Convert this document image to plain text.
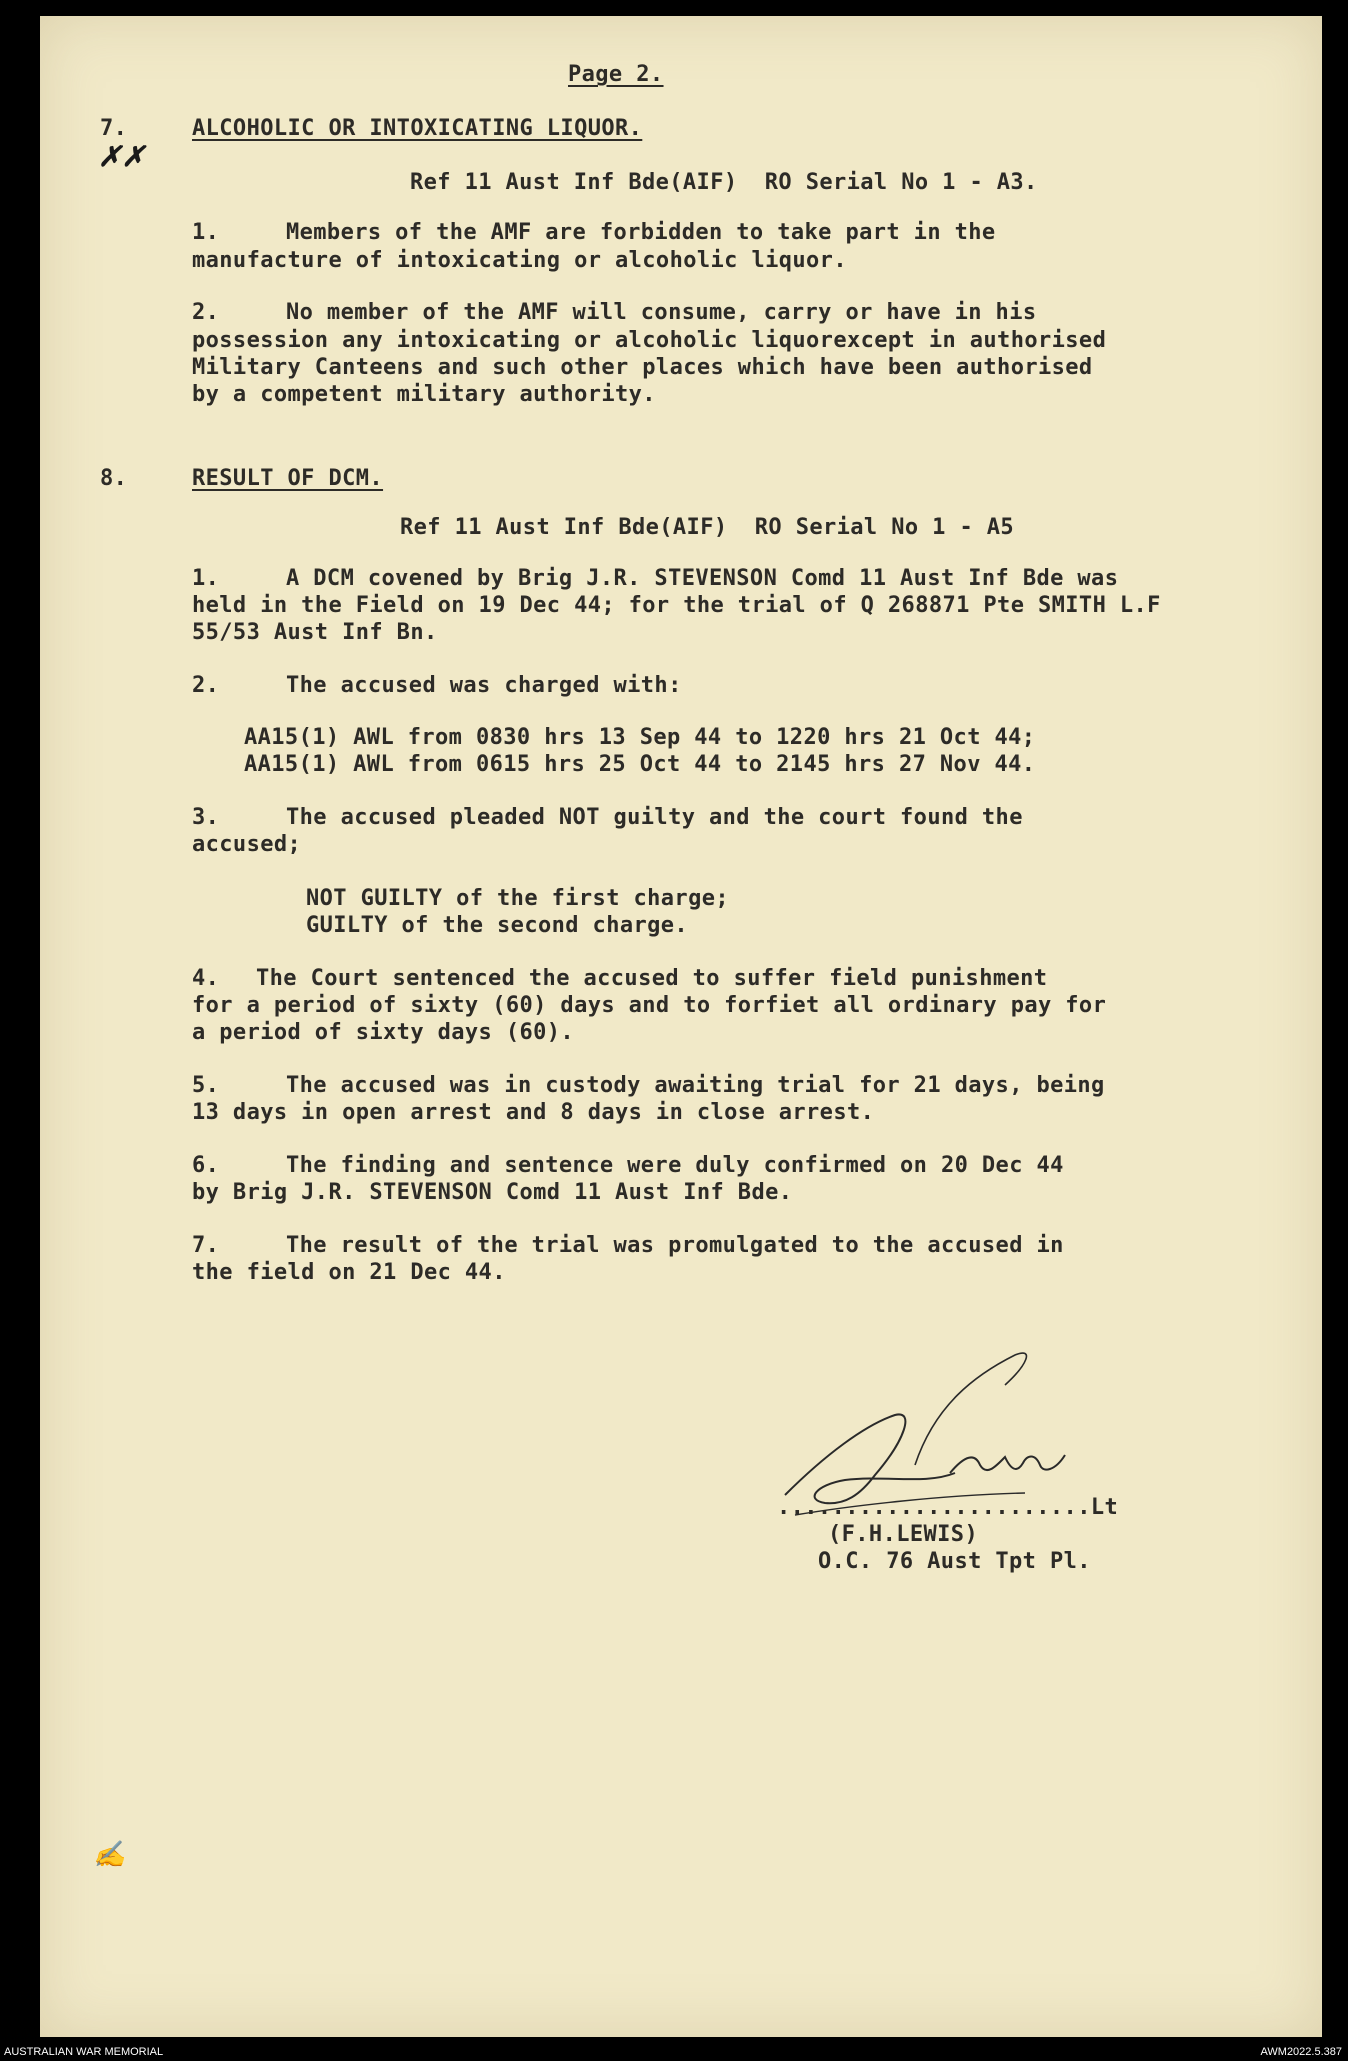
Page 2.
7.
✗✗
ALCOHOLIC OR INTOXICATING LIQUOR.
Ref 11 Aust Inf Bde(AIF)  RO Serial No 1 - A3.
1.	Members of the AMF are forbidden to take part in the
manufacture of intoxicating or alcoholic liquor.
2.	No member of the AMF will consume, carry or have in his
possession any intoxicating or alcoholic liquorexcept in authorised
Military Canteens and such other places which have been authorised
by a competent military authority.
8.	RESULT OF DCM.
Ref 11 Aust Inf Bde(AIF)  RO Serial No 1 - A5
1.	A DCM covened by Brig J.R. STEVENSON Comd 11 Aust Inf Bde was
held in the Field on 19 Dec 44; for the trial of Q 268871 Pte SMITH L.F
55/53 Aust Inf Bn.
2.	The accused was charged with:
AA15(1) AWL from 0830 hrs 13 Sep 44 to 1220 hrs 21 Oct 44;
AA15(1) AWL from 0615 hrs 25 Oct 44 to 2145 hrs 27 Nov 44.
3.	The accused pleaded NOT guilty and the court found the
accused;
NOT GUILTY of the first charge;
GUILTY of the second charge.
4. The Court sentenced the accused to suffer field punishment
for a period of sixty (60) days and to forfiet all ordinary pay for
a period of sixty days (60).
5.	The accused was in custody awaiting trial for 21 days, being
13 days in open arrest and 8 days in close arrest.
6.	The finding and sentence were duly confirmed on 20 Dec 44
by Brig J.R. STEVENSON Comd 11 Aust Inf Bde.
7.	The result of the trial was promulgated to the accused in
the field on 21 Dec 44.
.......................Lt
(F.H.LEWIS)
O.C. 76 Aust Tpt Pl.
✍
AUSTRALIAN WAR MEMORIAL	AWM2022.5.387
